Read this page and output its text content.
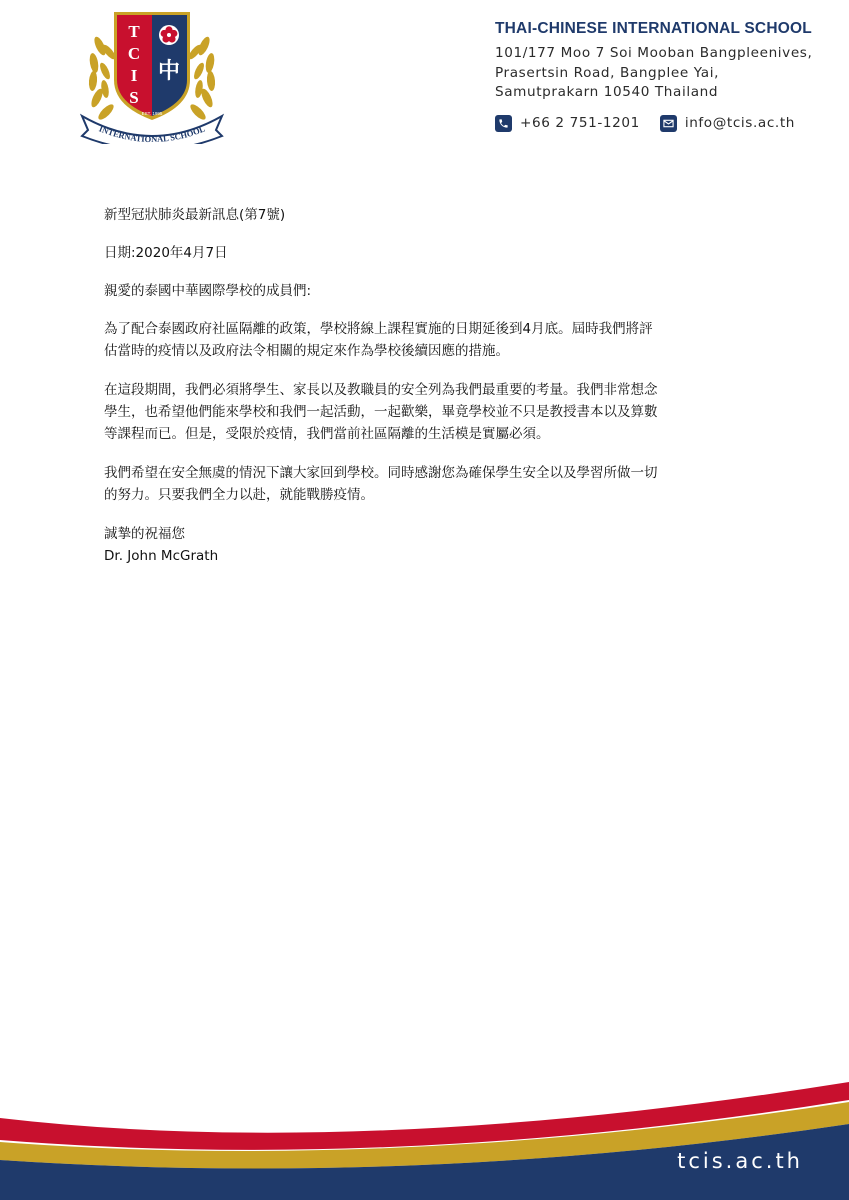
T
C
I
S
中
EST. 1995
INTERNATIONAL SCHOOL
THAI-CHINESE INTERNATIONAL SCHOOL
101/177 Moo 7 Soi Mooban Bangpleenives,
Prasertsin Road, Bangplee Yai,
Samutprakarn 10540 Thailand
+66 2 751-1201	info@tcis.ac.th

新型冠狀肺炎最新訊息(第7號)

日期:2020年4月7日

親愛的泰國中華國際學校的成員們:

為了配合泰國政府社區隔離的政策，學校將線上課程實施的日期延後到4月底。屆時我們將評

估當時的疫情以及政府法令相關的規定來作為學校後續因應的措施。

在這段期間，我們必須將學生、家長以及教職員的安全列為我們最重要的考量。我們非常想念

學生，也希望他們能來學校和我們一起活動，一起歡樂，畢竟學校並不只是教授書本以及算數

等課程而已。但是，受限於疫情，我們當前社區隔離的生活模是實屬必須。

我們希望在安全無虞的情況下讓大家回到學校。同時感謝您為確保學生安全以及學習所做一切

的努力。只要我們全力以赴，就能戰勝疫情。

誠摯的祝福您

Dr. John McGrath

tcis.ac.th
